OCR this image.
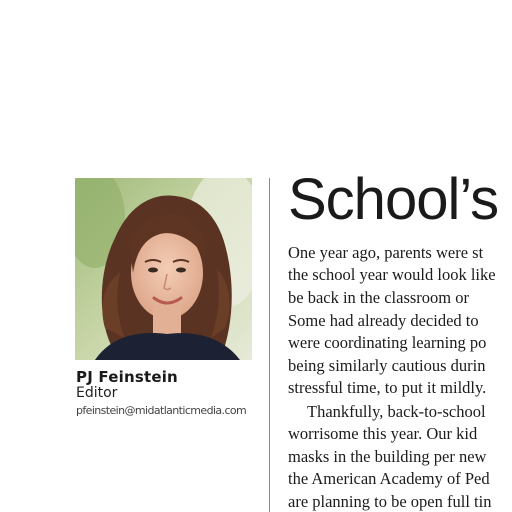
PJ Feinstein
Editor
pfeinstein@midatlanticmedia.com
School’s
One year ago, parents were st
the school year would look like
be back in the classroom or
Some had already decided to
were coordinating learning po
being similarly cautious durin
stressful time, to put it mildly.
Thankfully, back-to-school
worrisome this year. Our kid
masks in the building per new
the American Academy of Ped
are planning to be open full tin
